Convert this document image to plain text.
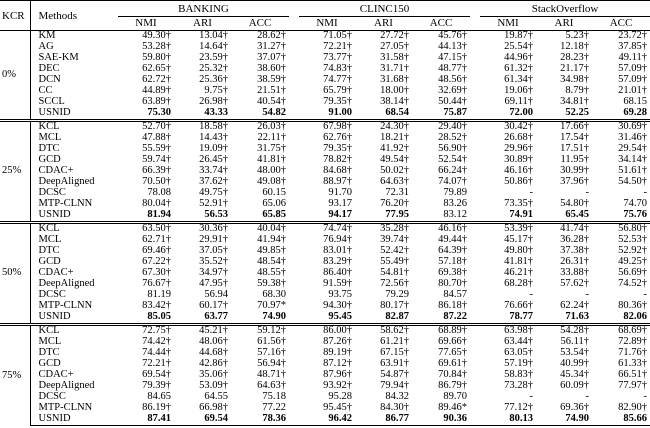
KCR	Methods	BANKING				CLINC150				StackOverflow		
		NMI	ARI	ACC		NMI	ARI	ACC		NMI	ARI	ACC
0%	KM	49.30†	13.04†	28.62†		71.05†	27.72†	45.76†		19.87†	5.23†	23.72†
	AG	53.28†	14.64†	31.27†		72.21†	27.05†	44.13†		25.54†	12.18†	37.85†
	SAE-KM	59.80†	23.59†	37.07†		73.77†	31.58†	47.15†		44.96†	28.23†	49.11†
	DEC	62.65†	25.32†	38.60†		74.83†	31.71†	48.77†		61.32†	21.17†	57.09†
	DCN	62.72†	25.36†	38.59†		74.77†	31.68†	48.56†		61.34†	34.98†	57.09†
	CC	44.89†	9.75†	21.51†		65.79†	18.00†	32.69†		19.06†	8.79†	21.01†
	SCCL	63.89†	26.98†	40.54†		79.35†	38.14†	50.44†		69.11†	34.81†	68.15
	USNID	75.30	43.33	54.82		91.00	68.54	75.87		72.00	52.25	69.28
25%	KCL	52.70†	18.58†	26.03†		67.98†	24.30†	29.40†		30.42†	17.66†	30.69†
	MCL	47.88†	14.43†	22.11†		62.76†	18.21†	28.52†		26.68†	17.54†	31.46†
	DTC	55.59†	19.09†	31.75†		79.35†	41.92†	56.90†		29.96†	17.51†	29.54†
	GCD	59.74†	26.45†	41.81†		78.82†	49.54†	52.54†		30.89†	11.95†	34.14†
	CDAC+	66.39†	33.74†	48.00†		84.68†	50.02†	66.24†		46.16†	30.99†	51.61†
	DeepAligned	70.50†	37.62†	49.08†		88.97†	64.63†	74.07†		50.86†	37.96†	54.50†
	DCSC	78.08	49.75†	60.15		91.70	72.31	79.89		-	-	-
	MTP-CLNN	80.04†	52.91†	65.06		93.17	76.20†	83.26		73.35†	54.80†	74.70
	USNID	81.94	56.53	65.85		94.17	77.95	83.12		74.91	65.45	75.76
50%	KCL	63.50†	30.36†	40.04†		74.74†	35.28†	46.16†		53.39†	41.74†	56.80†
	MCL	62.71†	29.91†	41.94†		76.94†	39.74†	49.44†		45.17†	36.28†	52.53†
	DTC	69.46†	37.05†	49.85†		83.01†	52.42†	64.39†		49.80†	37.38†	52.92†
	GCD	67.22†	35.52†	48.54†		83.29†	55.49†	57.18†		41.81†	26.31†	49.25†
	CDAC+	67.30†	34.97†	48.55†		86.40†	54.81†	69.38†		46.21†	33.88†	56.69†
	DeepAligned	76.67†	47.95†	59.38†		91.59†	72.56†	80.70†		68.28†	57.62†	74.52†
	DCSC	81.19	56.94	68.30		93.75	79.29	84.57		-	-	-
	MTP-CLNN	83.42†	60.17†	70.97*		94.30†	80.17†	86.18†		76.66†	62.24†	80.36†
	USNID	85.05	63.77	74.90		95.45	82.87	87.22		78.77	71.63	82.06
75%	KCL	72.75†	45.21†	59.12†		86.00†	58.62†	68.89†		63.98†	54.28†	68.69†
	MCL	74.42†	48.06†	61.56†		87.26†	61.21†	69.66†		63.44†	56.11†	72.89†
	DTC	74.44†	44.68†	57.16†		89.19†	67.15†	77.65†		63.05†	53.54†	71.76†
	GCD	72.21†	42.86†	56.94†		87.12†	63.91†	69.61†		57.19†	40.99†	61.33†
	CDAC+	69.54†	35.06†	48.71†		87.96†	54.87†	70.84†		58.83†	45.34†	66.51†
	DeepAligned	79.39†	53.09†	64.63†		93.92†	79.94†	86.79†		73.28†	60.09†	77.97†
	DCSC	84.65	64.55	75.18		95.28	84.32	89.70		-	-	-
	MTP-CLNN	86.19†	66.98†	77.22		95.45†	84.30†	89.46*		77.12†	69.36†	82.90†
	USNID	87.41	69.54	78.36		96.42	86.77	90.36		80.13	74.90	85.66
